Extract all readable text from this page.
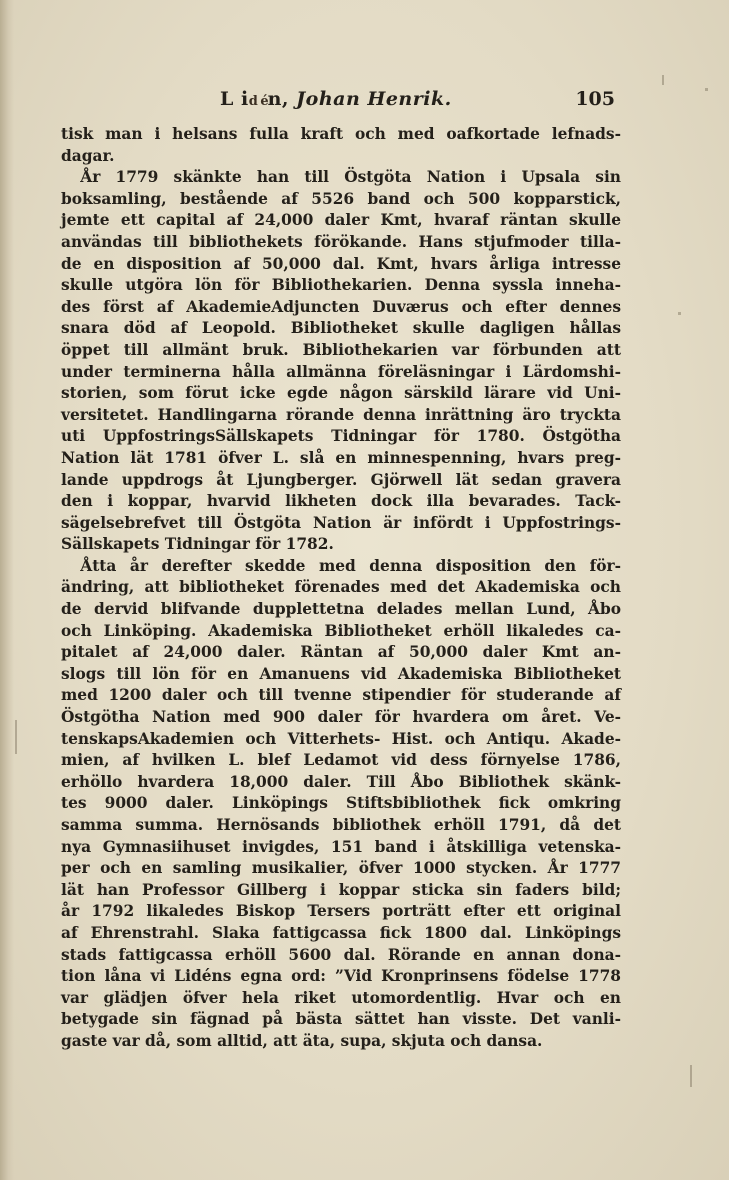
L id én, Johan Henrik.	105
tisk man i helsans fulla kraft och med oafkortade lefnads-
dagar.
År 1779 skänkte han till Östgöta Nation i Upsala sin
boksamling, bestående af 5526 band och 500 kopparstick,
jemte ett capital af 24,000 daler Kmt, hvaraf räntan skulle
användas till bibliothekets förökande. Hans stjufmoder tilla-
de en disposition af 50,000 dal. Kmt, hvars årliga intresse
skulle utgöra lön för Bibliothekarien. Denna syssla inneha-
des först af AkademieAdjuncten Duværus och efter dennes
snara död af Leopold. Bibliotheket skulle dagligen hållas
öppet till allmänt bruk. Bibliothekarien var förbunden att
under terminerna hålla allmänna föreläsningar i Lärdomshi-
storien, som förut icke egde någon särskild lärare vid Uni-
versitetet. Handlingarna rörande denna inrättning äro tryckta
uti UppfostringsSällskapets Tidningar för 1780. Östgötha
Nation lät 1781 öfver L. slå en minnespenning, hvars preg-
lande uppdrogs åt Ljungberger. Gjörwell lät sedan gravera
den i koppar, hvarvid likheten dock illa bevarades. Tack-
sägelsebrefvet till Östgöta Nation är infördt i Uppfostrings-
Sällskapets Tidningar för 1782.
Åtta år derefter skedde med denna disposition den för-
ändring, att bibliotheket förenades med det Akademiska och
de dervid blifvande dupplettetna delades mellan Lund, Åbo
och Linköping. Akademiska Bibliotheket erhöll likaledes ca-
pitalet af 24,000 daler. Räntan af 50,000 daler Kmt an-
slogs till lön för en Amanuens vid Akademiska Bibliotheket
med 1200 daler och till tvenne stipendier för studerande af
Östgötha Nation med 900 daler för hvardera om året. Ve-
tenskapsAkademien och Vitterhets- Hist. och Antiqu. Akade-
mien, af hvilken L. blef Ledamot vid dess förnyelse 1786,
erhöllo hvardera 18,000 daler. Till Åbo Bibliothek skänk-
tes 9000 daler. Linköpings Stiftsbibliothek fick omkring
samma summa. Hernösands bibliothek erhöll 1791, då det
nya Gymnasiihuset invigdes, 151 band i åtskilliga vetenska-
per och en samling musikalier, öfver 1000 stycken. År 1777
lät han Professor Gillberg i koppar sticka sin faders bild;
år 1792 likaledes Biskop Tersers porträtt efter ett original
af Ehrenstrahl. Slaka fattigcassa fick 1800 dal. Linköpings
stads fattigcassa erhöll 5600 dal. Rörande en annan dona-
tion låna vi Lidéns egna ord: ”Vid Kronprinsens födelse 1778
var glädjen öfver hela riket utomordentlig. Hvar och en
betygade sin fägnad på bästa sättet han visste. Det vanli-
gaste var då, som alltid, att äta, supa, skjuta och dansa.
